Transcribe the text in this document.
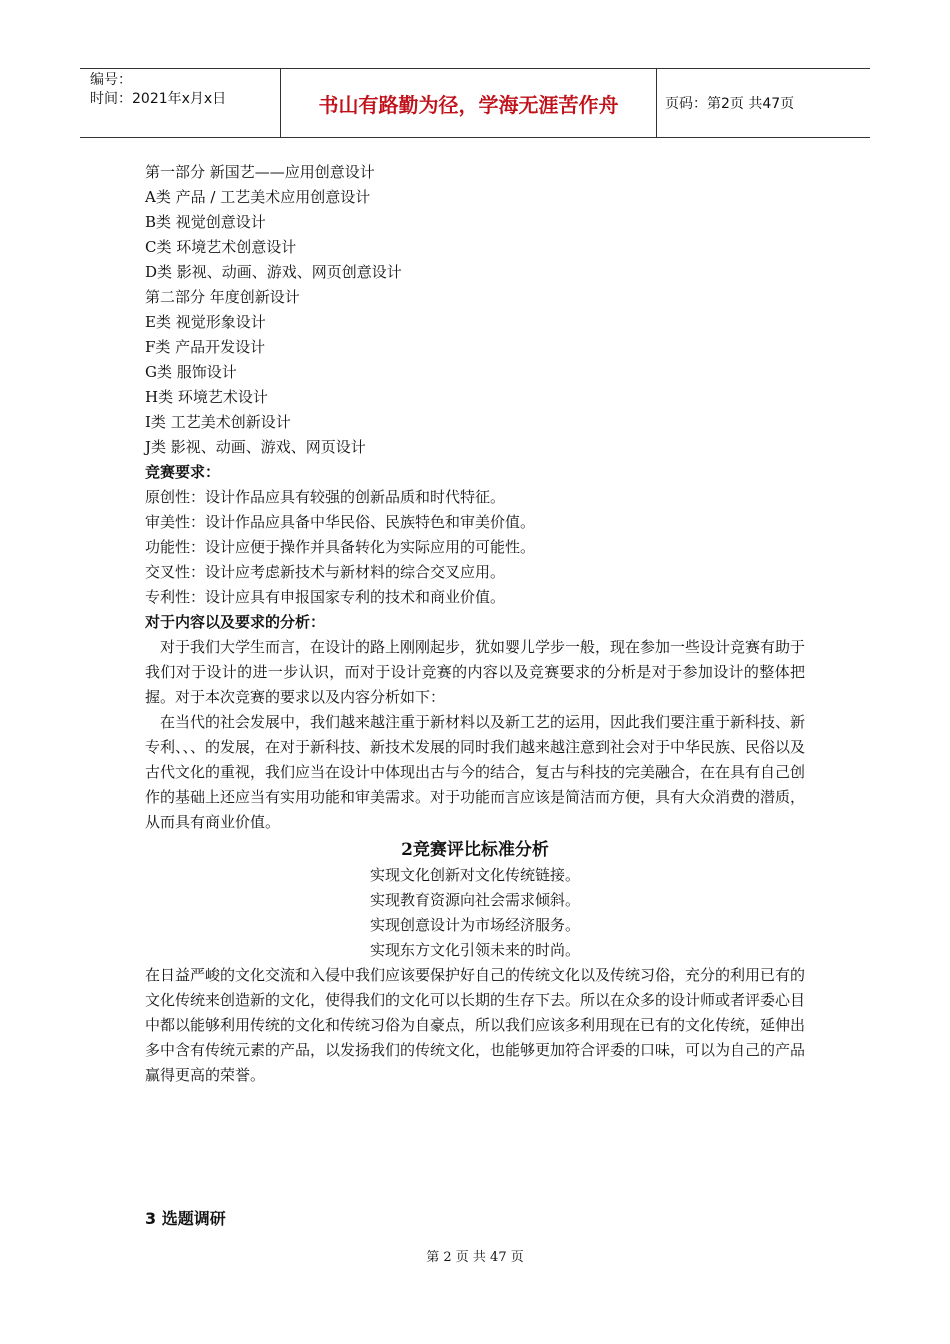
编号：
时间：2021年x月x日	书山有路勤为径，学海无涯苦作舟	页码：第2页 共47页
第一部分 新国艺——应用创意设计
A类 产品 / 工艺美术应用创意设计
B类 视觉创意设计
C类 环境艺术创意设计
D类 影视、动画、游戏、网页创意设计
第二部分 年度创新设计
E类 视觉形象设计
F类 产品开发设计
G类 服饰设计
H类 环境艺术设计
I类 工艺美术创新设计
J类 影视、动画、游戏、网页设计
竞赛要求：
原创性：设计作品应具有较强的创新品质和时代特征。
审美性：设计作品应具备中华民俗、民族特色和审美价值。
功能性：设计应便于操作并具备转化为实际应用的可能性。
交叉性：设计应考虑新技术与新材料的综合交叉应用。
专利性：设计应具有申报国家专利的技术和商业价值。
对于内容以及要求的分析：

对于我们大学生而言，在设计的路上刚刚起步，犹如婴儿学步一般，现在参加一些设计竞赛有助于我们对于设计的进一步认识，而对于设计竞赛的内容以及竞赛要求的分析是对于参加设计的整体把握。对于本次竞赛的要求以及内容分析如下：

在当代的社会发展中，我们越来越注重于新材料以及新工艺的运用，因此我们要注重于新科技、新专利、、、的发展，在对于新科技、新技术发展的同时我们越来越注意到社会对于中华民族、民俗以及古代文化的重视，我们应当在设计中体现出古与今的结合，复古与科技的完美融合，在在具有自己创作的基础上还应当有实用功能和审美需求。对于功能而言应该是简洁而方便，具有大众消费的潜质，从而具有商业价值。

2竞赛评比标准分析
实现文化创新对文化传统链接。
实现教育资源向社会需求倾斜。
实现创意设计为市场经济服务。
实现东方文化引领未来的时尚。

在日益严峻的文化交流和入侵中我们应该要保护好自己的传统文化以及传统习俗，充分的利用已有的文化传统来创造新的文化，使得我们的文化可以长期的生存下去。所以在众多的设计师或者评委心目中都以能够利用传统的文化和传统习俗为自豪点，所以我们应该多利用现在已有的文化传统，延伸出多中含有传统元素的产品，以发扬我们的传统文化，也能够更加符合评委的口味，可以为自己的产品赢得更高的荣誉。

3 选题调研
第 2 页 共 47 页
